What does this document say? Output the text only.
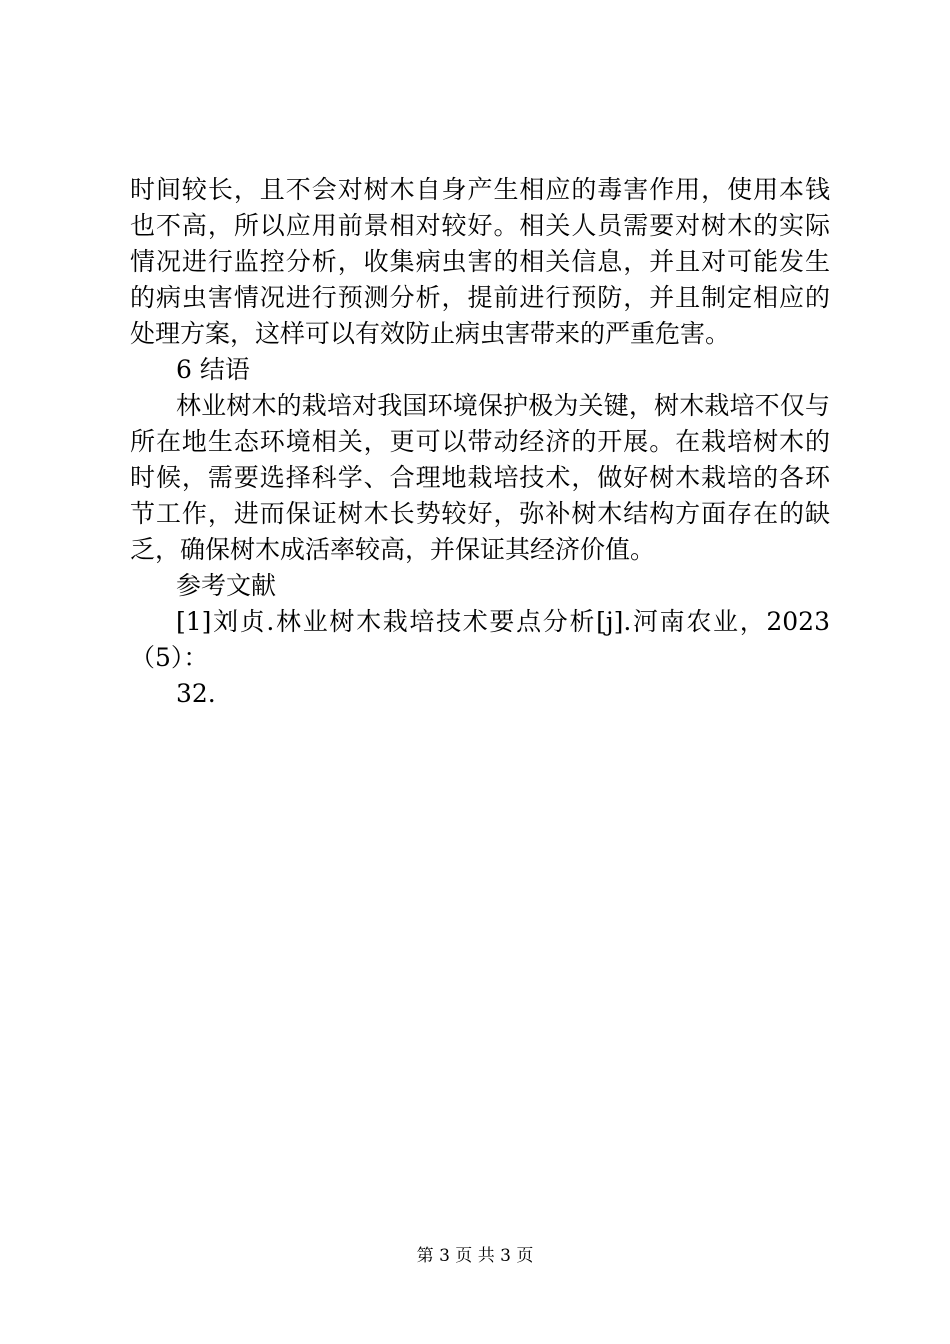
时间较长，且不会对树木自身产生相应的毒害作用，使用本钱
也不高，所以应用前景相对较好。相关人员需要对树木的实际
情况进行监控分析，收集病虫害的相关信息，并且对可能发生
的病虫害情况进行预测分析，提前进行预防，并且制定相应的
处理方案，这样可以有效防止病虫害带来的严重危害。
6 结语
林业树木的栽培对我国环境保护极为关键，树木栽培不仅与
所在地生态环境相关，更可以带动经济的开展。在栽培树木的
时候，需要选择科学、合理地栽培技术，做好树木栽培的各环
节工作，进而保证树木长势较好，弥补树木结构方面存在的缺
乏，确保树木成活率较高，并保证其经济价值。
参考文献
[1]刘贞.林业树木栽培技术要点分析[j].河南农业，2023
（5）：
32.
第 3 页 共 3 页
